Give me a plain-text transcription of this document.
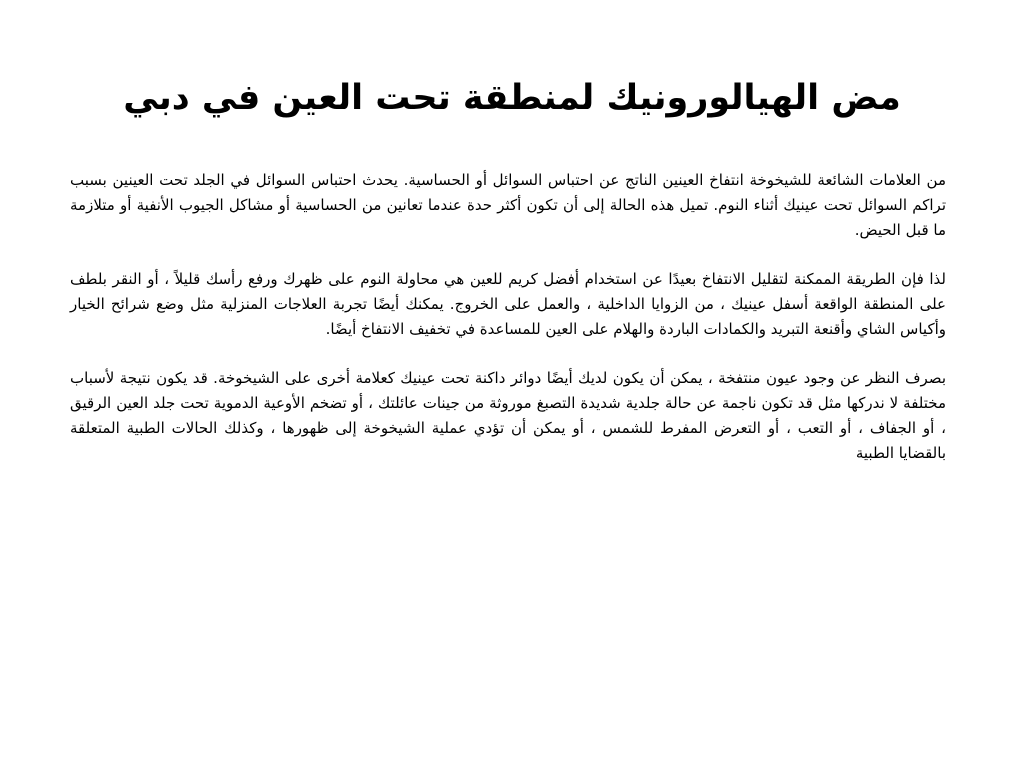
مض الهيالورونيك لمنطقة تحت العين في دبي

من العلامات الشائعة للشيخوخة انتفاخ العينين الناتج عن احتباس السوائل أو الحساسية. يحدث احتباس السوائل في الجلد تحت العينين بسبب تراكم السوائل تحت عينيك أثناء النوم. تميل هذه الحالة إلى أن تكون أكثر حدة عندما تعانين من الحساسية أو مشاكل الجيوب الأنفية أو متلازمة ما قبل الحيض.

لذا فإن الطريقة الممكنة لتقليل الانتفاخ بعيدًا عن استخدام أفضل كريم للعين هي محاولة النوم على ظهرك ورفع رأسك قليلاً ، أو النقر بلطف على المنطقة الواقعة أسفل عينيك ، من الزوايا الداخلية ، والعمل على الخروج. يمكنك أيضًا تجربة العلاجات المنزلية مثل وضع شرائح الخيار وأكياس الشاي وأقنعة التبريد والكمادات الباردة والهلام على العين للمساعدة في تخفيف الانتفاخ أيضًا.

بصرف النظر عن وجود عيون منتفخة ، يمكن أن يكون لديك أيضًا دوائر داكنة تحت عينيك كعلامة أخرى على الشيخوخة. قد يكون نتيجة لأسباب مختلفة لا ندركها مثل قد تكون ناجمة عن حالة جلدية شديدة التصبغ موروثة من جينات عائلتك ، أو تضخم الأوعية الدموية تحت جلد العين الرقيق ، أو الجفاف ، أو التعب ، أو التعرض المفرط للشمس ، أو يمكن أن تؤدي عملية الشيخوخة إلى ظهورها ، وكذلك الحالات الطبية المتعلقة بالقضايا الطبية
